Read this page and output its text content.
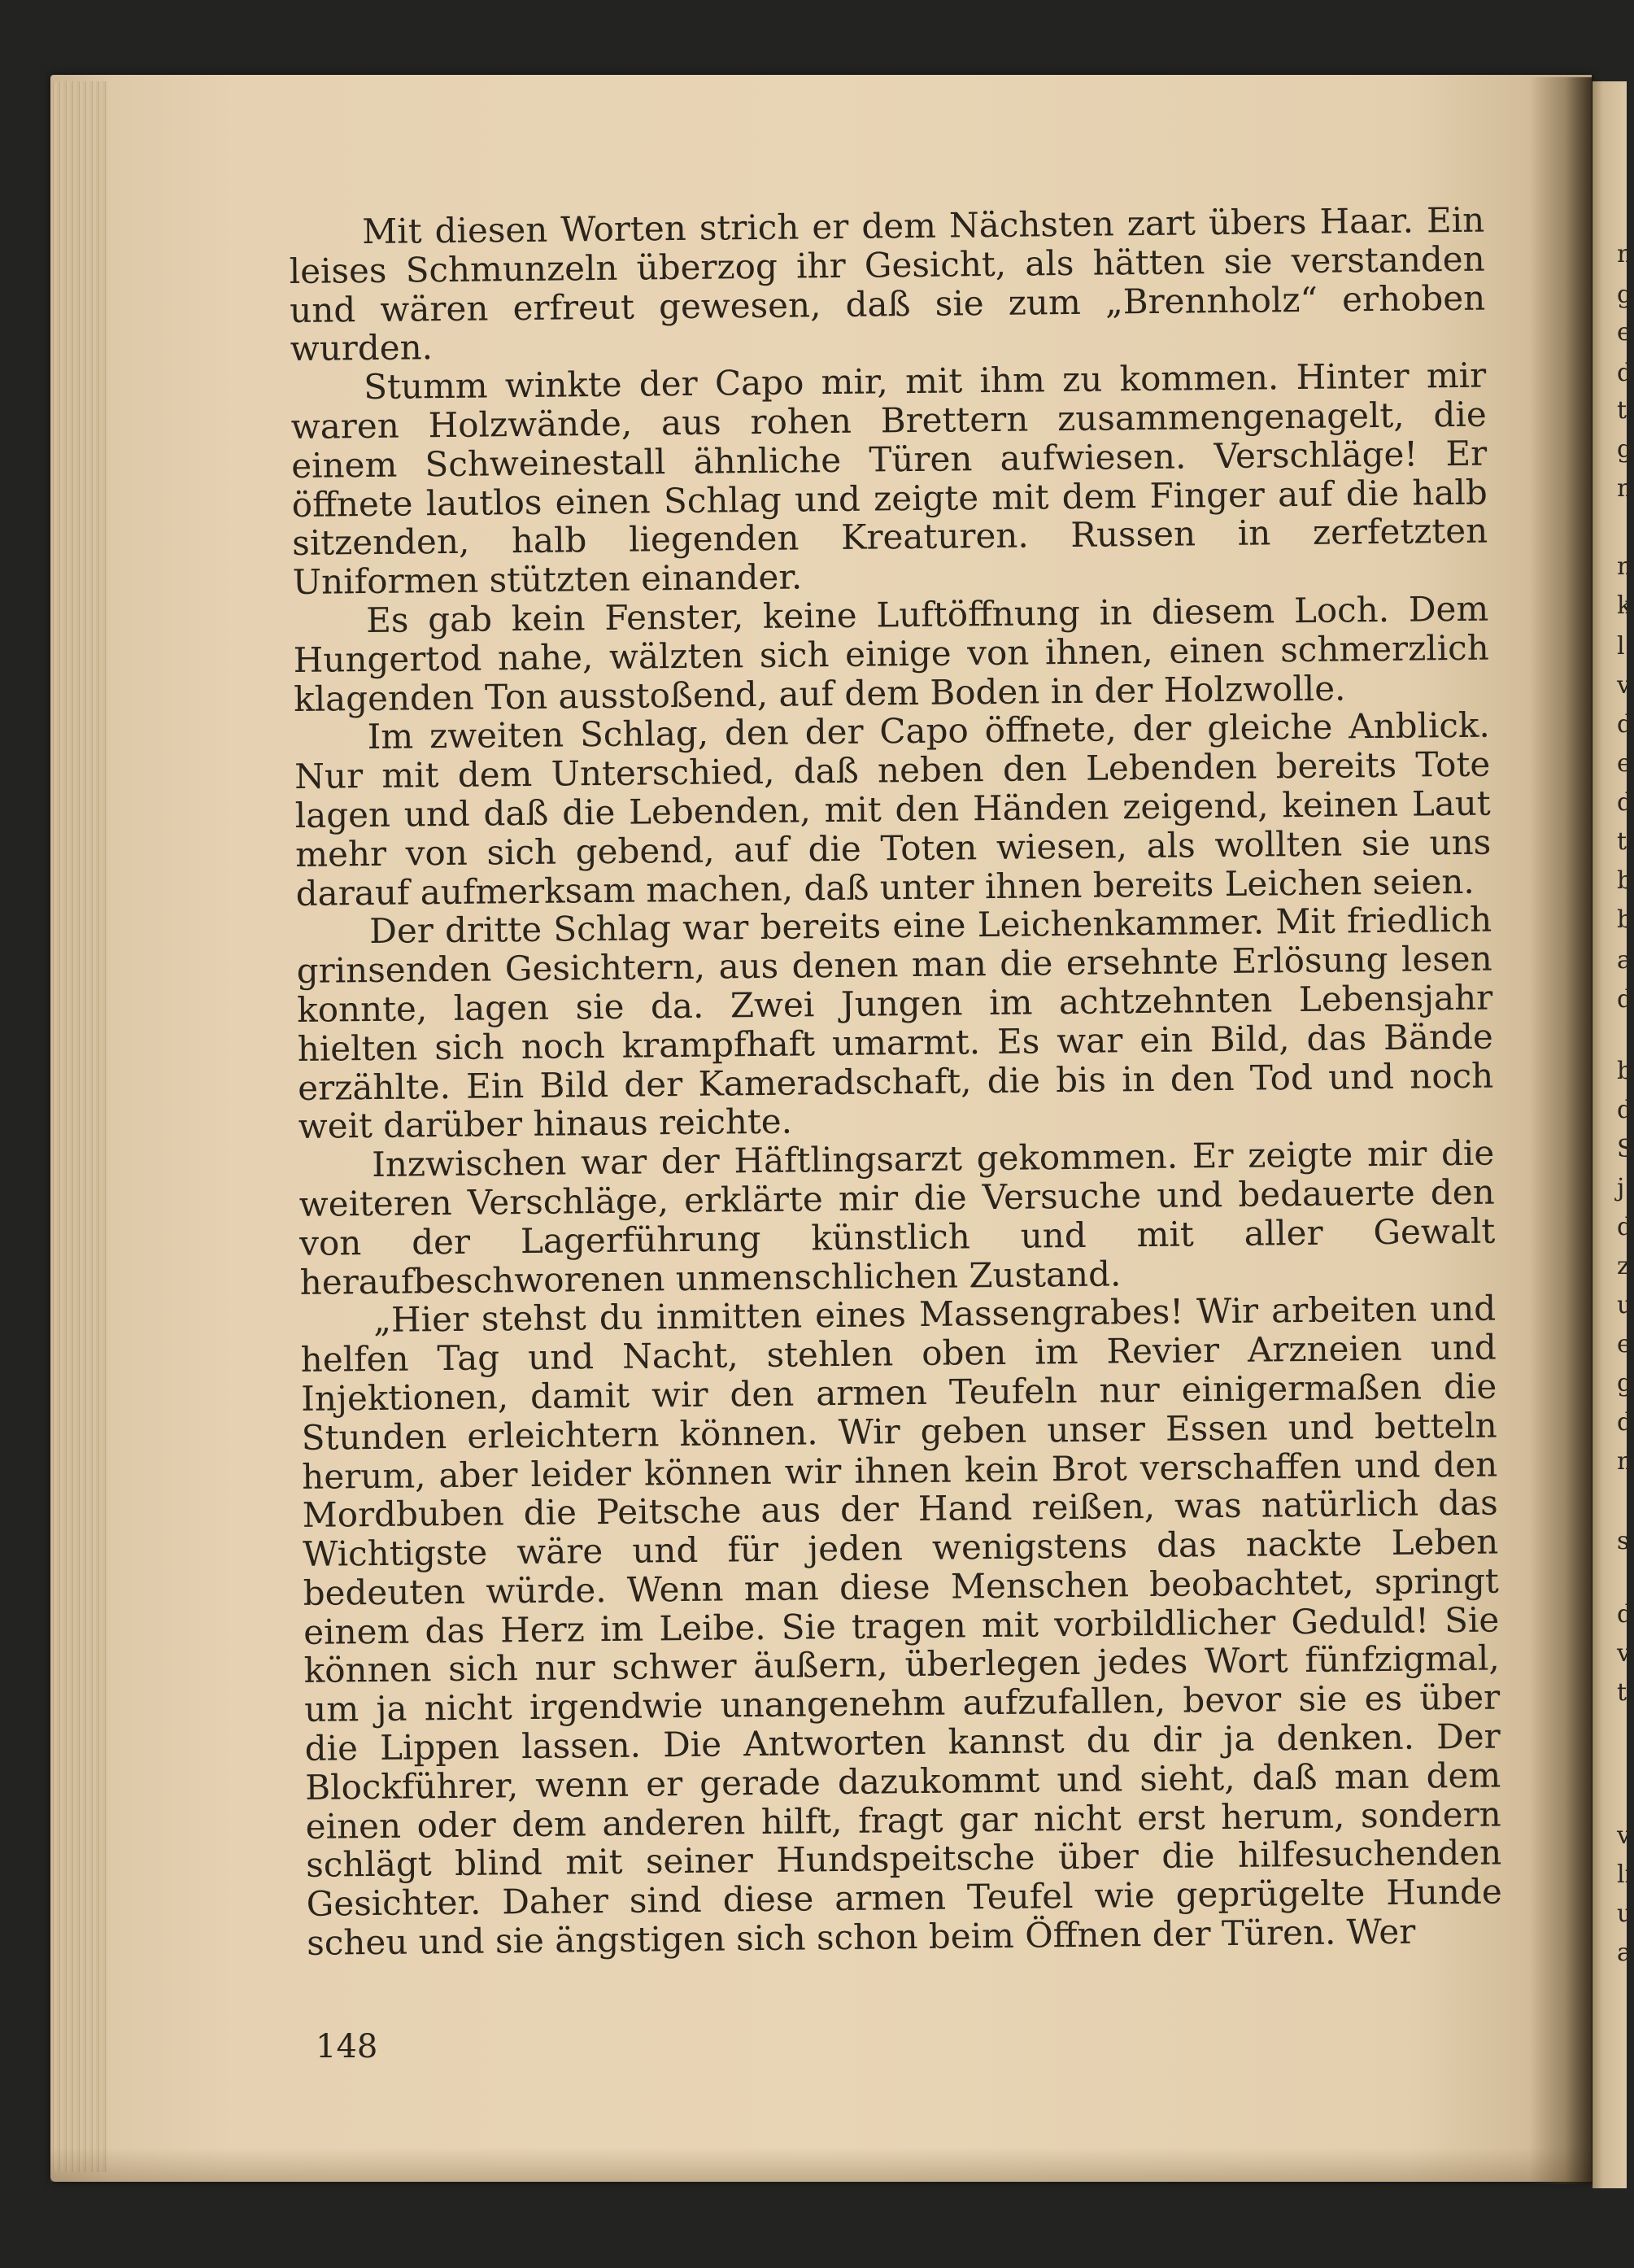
n
g
e
d
t
g
n
n
k
l
v
d
e
d
t
b
b
a
d
b
d
S
j
d
z
u
e
g
d
n
s
d
v
t
v
li
u
a

Mit diesen Worten strich er dem Nächsten zart übers Haar. Ein leises Schmunzeln überzog ihr Gesicht, als hätten sie verstanden und wären erfreut gewesen, daß sie zum „Brennholz“ erhoben wurden.

Stumm winkte der Capo mir, mit ihm zu kommen. Hinter mir waren Holzwände, aus rohen Brettern zusammengenagelt, die einem Schweinestall ähnliche Türen aufwiesen. Verschläge! Er öffnete lautlos einen Schlag und zeigte mit dem Finger auf die halb sitzenden, halb liegenden Kreaturen. Russen in zerfetzten Uniformen stützten einander.

Es gab kein Fenster, keine Luftöffnung in diesem Loch. Dem Hungertod nahe, wälzten sich einige von ihnen, einen schmerzlich klagenden Ton ausstoßend, auf dem Boden in der Holzwolle.

Im zweiten Schlag, den der Capo öffnete, der gleiche Anblick. Nur mit dem Unterschied, daß neben den Lebenden bereits Tote lagen und daß die Lebenden, mit den Händen zeigend, keinen Laut mehr von sich gebend, auf die Toten wiesen, als wollten sie uns darauf aufmerksam machen, daß unter ihnen bereits Leichen seien.

Der dritte Schlag war bereits eine Leichenkammer. Mit friedlich grinsenden Gesichtern, aus denen man die ersehnte Erlösung lesen konnte, lagen sie da. Zwei Jungen im achtzehnten Lebensjahr hielten sich noch krampfhaft umarmt. Es war ein Bild, das Bände erzählte. Ein Bild der Kameradschaft, die bis in den Tod und noch weit darüber hinaus reichte.

Inzwischen war der Häftlingsarzt gekommen. Er zeigte mir die weiteren Verschläge, erklärte mir die Versuche und bedauerte den von der Lagerführung künstlich und mit aller Gewalt heraufbeschworenen unmenschlichen Zustand.

„Hier stehst du inmitten eines Massengrabes! Wir arbeiten und helfen Tag und Nacht, stehlen oben im Revier Arzneien und Injektionen, damit wir den armen Teufeln nur einigermaßen die Stunden erleichtern können. Wir geben unser Essen und betteln herum, aber leider können wir ihnen kein Brot verschaffen und den Mordbuben die Peitsche aus der Hand reißen, was natürlich das Wichtigste wäre und für jeden wenigstens das nackte Leben bedeuten würde. Wenn man diese Menschen beobachtet, springt einem das Herz im Leibe. Sie tragen mit vorbildlicher Geduld! Sie können sich nur schwer äußern, überlegen jedes Wort fünfzigmal, um ja nicht irgendwie unangenehm aufzufallen, bevor sie es über die Lippen lassen. Die Antworten kannst du dir ja denken. Der Blockführer, wenn er gerade dazukommt und sieht, daß man dem einen oder dem anderen hilft, fragt gar nicht erst herum, sondern schlägt blind mit seiner Hundspeitsche über die hilfesuchenden Gesichter. Daher sind diese armen Teufel wie geprügelte Hunde scheu und sie ängstigen sich schon beim Öffnen der Türen. Wer

148
